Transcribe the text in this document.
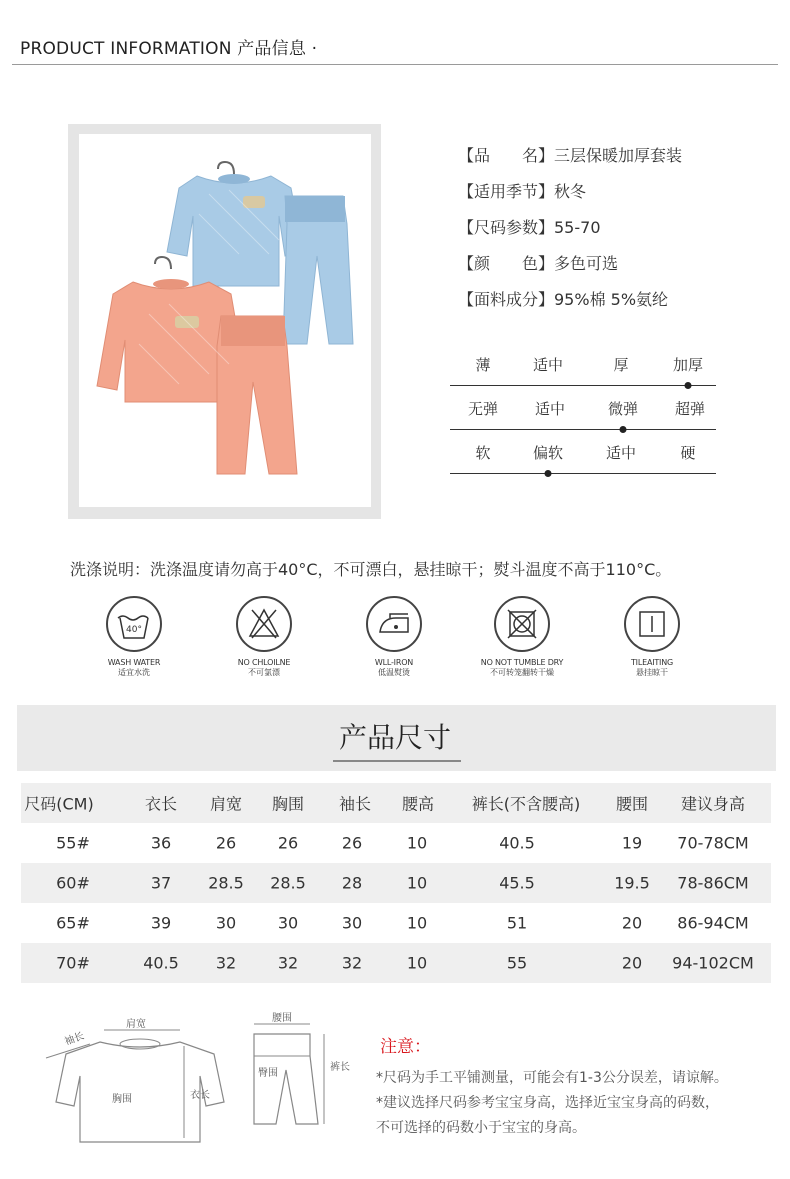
PRODUCT INFORMATION 产品信息 ·
【品　　名】三层保暖加厚套装
【适用季节】秋冬
【尺码参数】55-70
【颜　　色】多色可选
【面料成分】95%棉 5%氨纶
薄	适中	厚	加厚
无弹 适中	微弹 超弹
软	偏软	适中	硬
洗涤说明：洗涤温度请勿高于40°C，不可漂白，悬挂晾干；熨斗温度不高于110°C。
40°
WASH WATER
适宜水洗
NO CHLOILNE
不可氯漂
WLL-IRON
低温熨烫
NO NOT TUMBLE DRY
不可转笼翻转干燥
TILEAITING
悬挂晾干
产品尺寸
尺码(CM)	衣长 肩宽 胸围 袖长 腰高 裤长(不含腰高) 腰围 建议身高
55#	36	26	26	26	10	40.5	19 70-78CM
60#	37 28.5 28.5 28	10	45.5	19.5 78-86CM
65#	39	30	30	30	10	51	20 86-94CM
70#	40.5 32	32	32	10	55	20 94-102CM
肩宽
袖长
胸围	衣长
腰围
臀围
裤长
注意：
*尺码为手工平铺测量，可能会有1-3公分误差，请谅解。
*建议选择尺码参考宝宝身高，选择近宝宝身高的码数，
不可选择的码数小于宝宝的身高。
